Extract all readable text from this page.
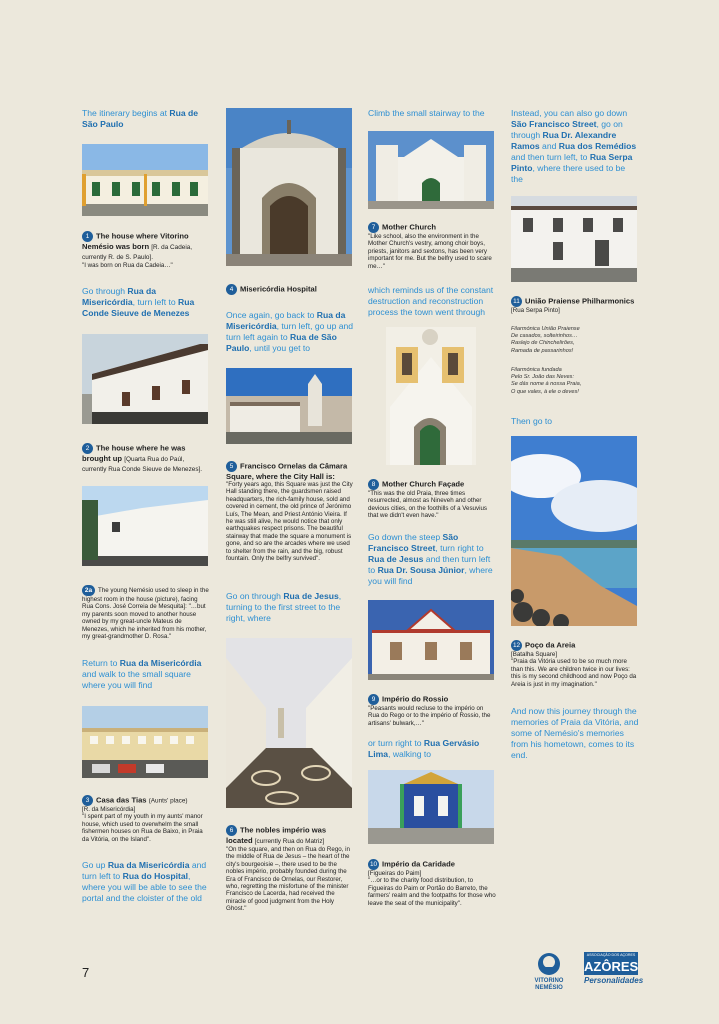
The itinerary begins at Rua de São Paulo

1 The house where Vitorino Nemésio was born [R. da Cadeia, currently R. de S. Paulo].
"I was born on Rua da Cadeia…"

Go through Rua da Misericórdia, turn left to Rua Conde Sieuve de Menezes

2 The house where he was brought up [Quarta Rua do Paúl, currently Rua Conde Sieuve de Menezes].
2a The young Nemésio used to sleep in the highest room in the house (picture), facing Rua Cons. José Correia de Mesquita]: "…but my parents soon moved to another house owned by my great-uncle Mateus de Menezes, which he inherited from his mother, my great-grandmother D. Rosa."

Return to Rua da Misericórdia and walk to the small square where you will find

3 Casa das Tias (Aunts' place)
[R. da Misericórdia]
"I spent part of my youth in my aunts' manor house, which used to overwhelm the small fishermen houses on Rua de Baixo, in Praia da Vitória, on the Island".

Go up Rua da Misericórdia and turn left to Rua do Hospital, where you will be able to see the portal and the cloister of the old

4 Misericórdia Hospital

Once again, go back to Rua da Misericórdia, turn left, go up and turn left again to Rua de São Paulo, until you get to

5 Francisco Ornelas da Câmara Square, where the City Hall is:
"Forty years ago, this Square was just the City Hall standing there, the guardsmen raised headquarters, the rich-family house, sold and covered in cement, the old prince of Jerónimo Luís, The Mean, and Priest António Vieira. If he was still alive, he would notice that only earthquakes respect prisons. The beautiful stairway that made the square a monument is gone, and so are the arcades where we used to shelter from the rain, and the big, robust fountain. Only the belfry survived".

Go on through Rua de Jesus, turning to the first street to the right, where

6 The nobles império was located [currently Rua do Matriz]
"On the square, and then on Rua do Rego, in the middle of Rua de Jesus – the heart of the city's bourgeoisie –, there used to be the nobles império, probably founded during the Era of Francisco de Ornelas, our Restorer, who, regretting the misfortune of the minister Francisco de Lacerda, had received the miracle of good judgment from the Holy Ghost."

Climb the small stairway to the

7 Mother Church
"Like school, also the environment in the Mother Church's vestry, among choir boys, priests, janitors and sextons, has been very important for me. But the belfry used to scare me…"

which reminds us of the constant destruction and reconstruction process the town went through

8 Mother Church Façade
"This was the old Praia, three times resurrected, almost as Nineveh and other devious cities, on the foothills of a Vesuvius that we didn't even have."

Go down the steep São Francisco Street, turn right to Rua de Jesus and then turn left to Rua Dr. Sousa Júnior, where you will find

9 Império do Rossio
"Peasants would recluse to the império on Rua do Rego or to the império of Rossio, the artisans' bulwark,…"

or turn right to Rua Gervásio Lima, walking to

10 Império da Caridade
[Figueiras do Paim]
"…or to the charity food distribution, to Figueiras do Paim or Portão do Barreto, the farmers' realm and the footpaths for those who leave the seat of the municipality".

Instead, you can also go down São Francisco Street, go on through Rua Dr. Alexandre Ramos and Rua dos Remédios and then turn left, to Rua Serpa Pinto, where there used to be the

11 União Praiense Philharmonics
[Rua Serpa Pinto]
Filarmónica União Praiense
De casados, solteirinhos…
Raslejo de Chinchelirões,
Ramada de passarinhos!
Filarmónica fundada
Pelo Sr. João das Neves:
Se dás nome à nossa Praia,
O que vales, à ele o deves!

Then go to

12 Poço da Areia
[Batalha Square]
"Praia da Vitória used to be so much more than this. We are children twice in our lives: this is my second childhood and now Poço da Areia is just in my imagination."

And now this journey through the memories of Praia da Vitória, and some of Nemésio's memories from his hometown, comes to its end.

7
VITORINO NEMÉSIO
ASSOCIAÇÃO DOS AÇORES
AZÔRES
Personalidades
